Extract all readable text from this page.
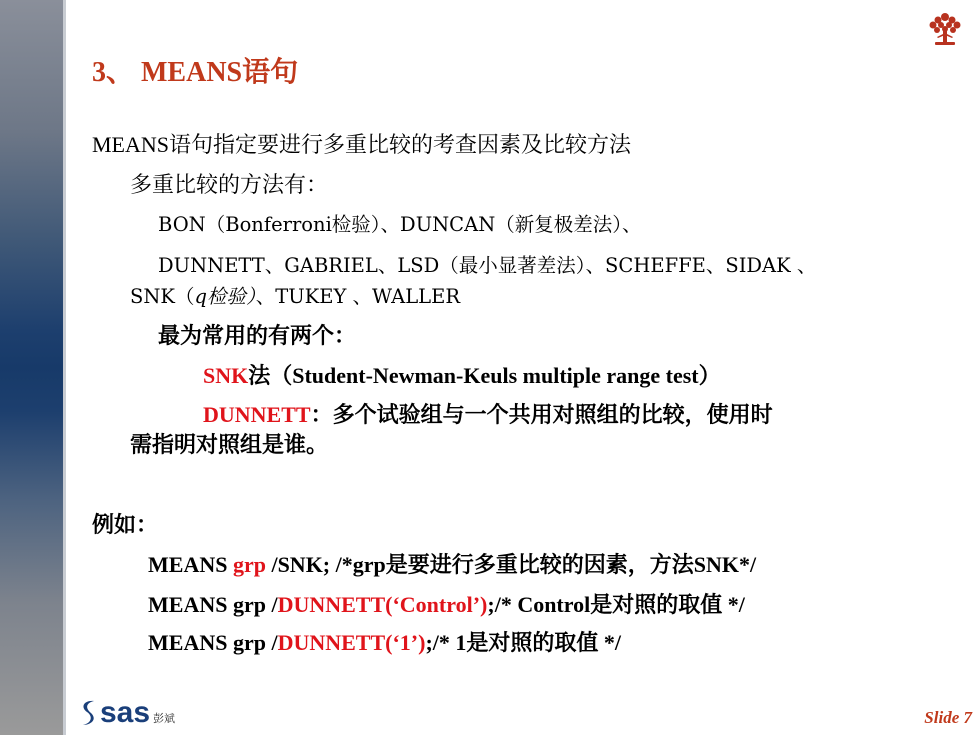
3、 MEANS语句
MEANS语句指定要进行多重比较的考查因素及比较方法
多重比较的方法有：
BON（Bonferroni检验）、DUNCAN（新复极差法）、
DUNNETT、GABRIEL、LSD（最小显著差法）、SCHEFFE、SIDAK 、
SNK（q检验）、TUKEY 、WALLER
最为常用的有两个：
SNK法（Student-Newman-Keuls multiple range test）
DUNNETT：多个试验组与一个共用对照组的比较，使用时
需指明对照组是谁。
例如：
MEANS grp /SNK; /*grp是要进行多重比较的因素，方法SNK*/
MEANS grp /DUNNETT(‘Control’);/* Control是对照的取值 */
MEANS grp /DUNNETT(‘1’);/* 1是对照的取值 */
sas 彭斌	Slide 7
